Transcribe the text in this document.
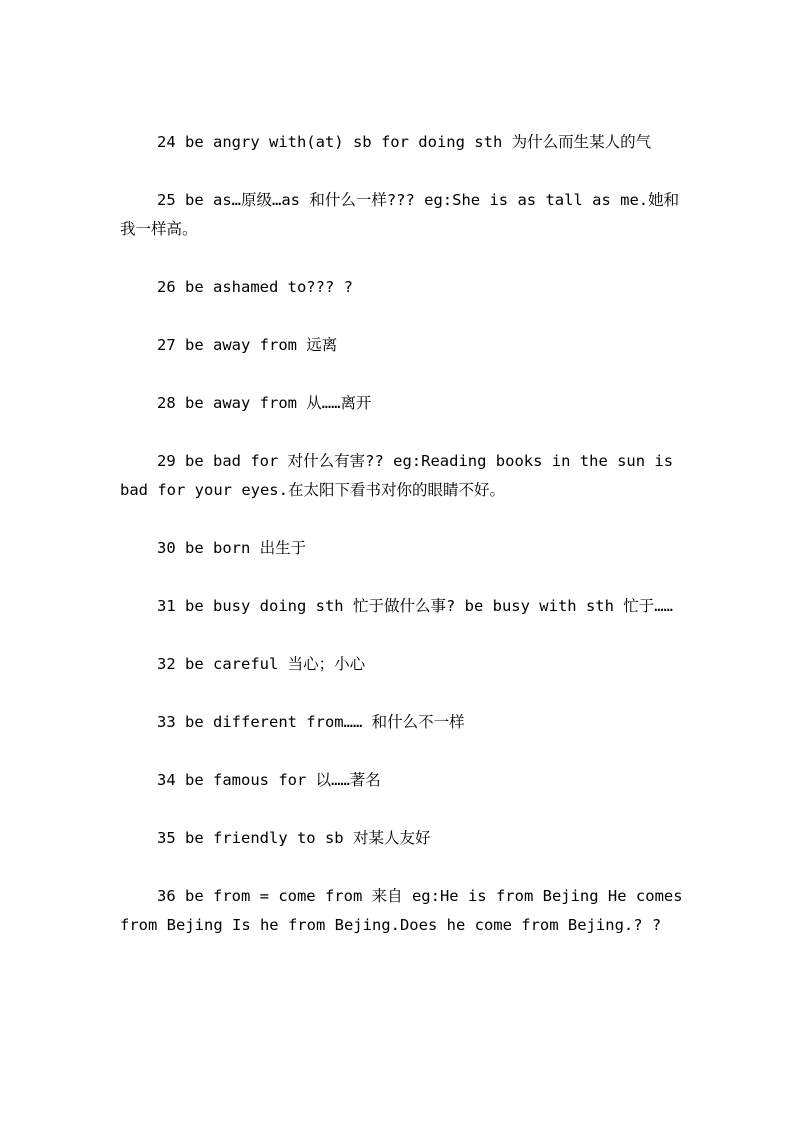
24 be angry with(at) sb for doing sth 为什么而生某人的气

25 be as…原级…as 和什么一样??? eg:She is as tall as me.她和我一样高。

26 be ashamed to??? ?

27 be away from 远离

28 be away from 从……离开

29 be bad for 对什么有害?? eg:Reading books in the sun is bad for your eyes.在太阳下看书对你的眼睛不好。

30 be born 出生于

31 be busy doing sth 忙于做什么事? be busy with sth 忙于……

32 be careful 当心；小心

33 be different from…… 和什么不一样

34 be famous for 以……著名

35 be friendly to sb 对某人友好

36 be from = come from 来自 eg:He is from Bejing He comes from Bejing Is he from Bejing.Does he come from Bejing.? ?
